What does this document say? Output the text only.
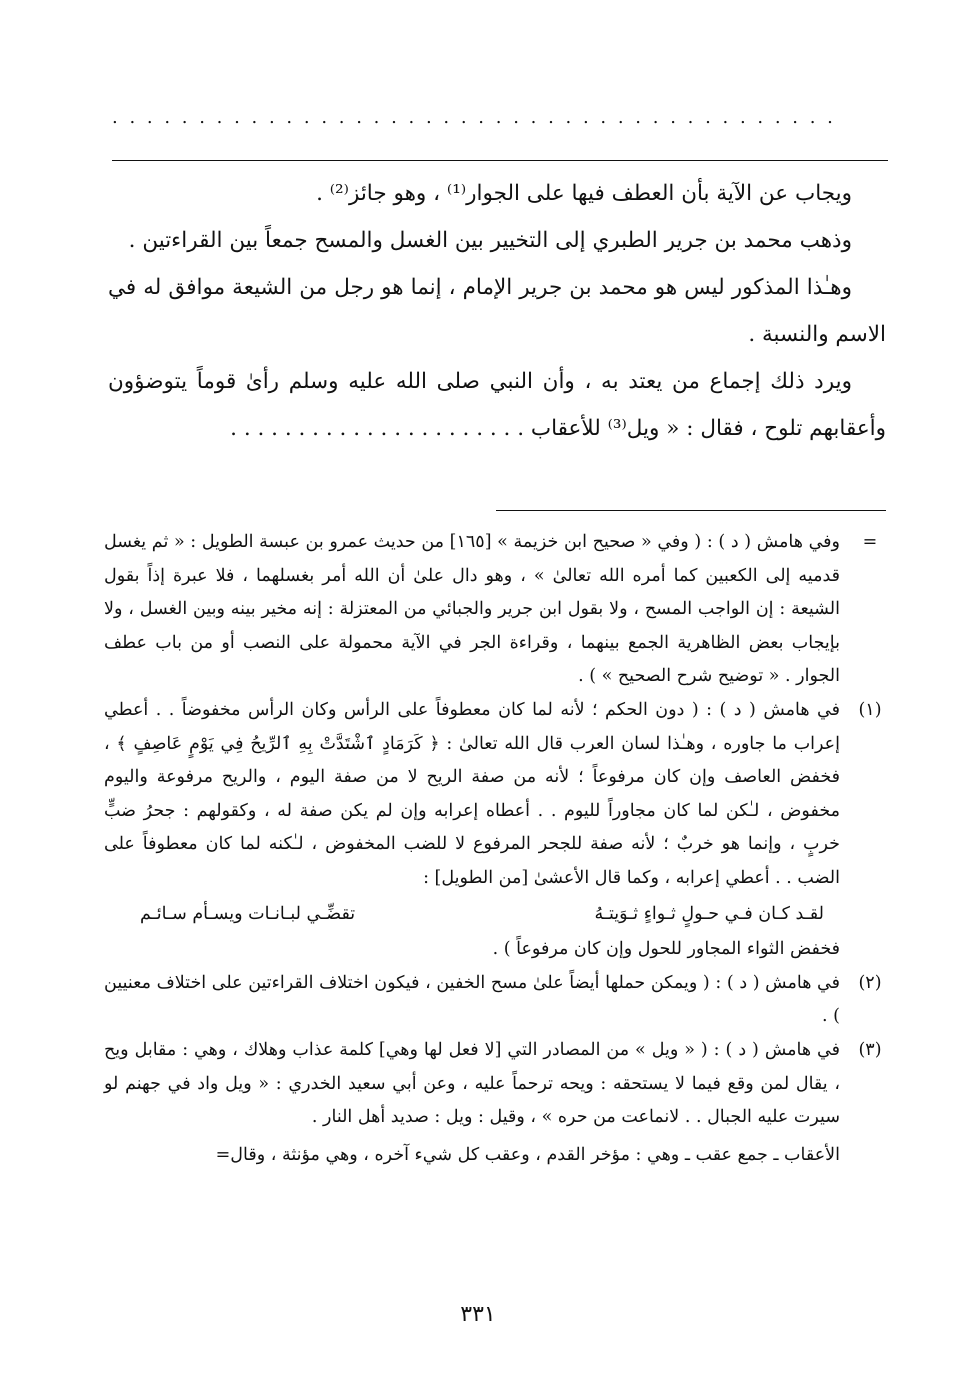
. . . . . . . . . . . . . . . . . . . . . . . . . . . . . . . . . . . . . . . . . .

ويجاب عن الآية بأن العطف فيها على الجوار⁽¹⁾ ، وهو جائز⁽²⁾ .

وذهب محمد بن جرير الطبري إلى التخيير بين الغسل والمسح جمعاً بين القراءتين .

وهـٰذا المذكور ليس هو محمد بن جرير الإمام ، إنما هو رجل من الشيعة موافق له في الاسم والنسبة .

ويرد ذلك إجماع من يعتد به ، وأن النبي صلى الله عليه وسلم رأىٰ قوماً يتوضؤون وأعقابهم تلوح ، فقال : « ويل⁽³⁾ للأعقاب . . . . . . . . . . . . . . . . . . . . . .

=

وفي هامش ( د ) : ( وفي « صحيح ابن خزيمة » [١٦٥] من حديث عمرو بن عبسة الطويل : « ثم يغسل قدميه إلى الكعبين كما أمره الله تعالىٰ » ، وهو دال علىٰ أن الله أمر بغسلهما ، فلا عبرة إذاً بقول الشيعة : إن الواجب المسح ، ولا بقول ابن جرير والجبائي من المعتزلة : إنه مخير بينه وبين الغسل ، ولا بإيجاب بعض الظاهرية الجمع بينهما ، وقراءة الجر في الآية محمولة على النصب أو من باب عطف الجوار . « توضيح شرح الصحيح » ) .

(١)

في هامش ( د ) : ( دون الحكم ؛ لأنه لما كان معطوفاً على الرأس وكان الرأس مخفوضاً . . أعطي إعراب ما جاوره ، وهـٰذا لسان العرب قال الله تعالىٰ : ﴿ كَرَمَادٍ ٱشْتَدَّتْ بِهِ ٱلرِّيحُ فِي يَوْمٍ عَاصِفٍ ﴾ ، فخفض العاصف وإن كان مرفوعاً ؛ لأنه من صفة الريح لا من صفة اليوم ، والريح مرفوعة واليوم مخفوض ، لـٰكن لما كان مجاوراً لليوم . . أعطاه إعرابه وإن لم يكن صفة له ، وكقولهم : جحرُ ضبٍّ خربٍ ، وإنما هو خربٌ ؛ لأنه صفة للجحر المرفوع لا للضب المخفوض ، لـٰكنه لما كان معطوفاً على الضب . . أعطي إعرابه ، وكما قال الأعشىٰ [من الطويل] :

لقـد كـان فـي حـولٍ ثـواءٍ ثـوَيتـهُ
تقضِّـي لبـانـات ويسـأم سـائـم

فخفض الثواء المجاور للحول وإن كان مرفوعاً ) .

(٢)

في هامش ( د ) : ( ويمكن حملها أيضاً علىٰ مسح الخفين ، فيكون اختلاف القراءتين على اختلاف معنيين ) .

(٣)

في هامش ( د ) : ( « ويل » من المصادر التي [لا فعل لها وهي] كلمة عذاب وهلاك ، وهي : مقابل ويح ، يقال لمن وقع فيما لا يستحقه : ويحه ترحماً عليه ، وعن أبي سعيد الخدري : « ويل واد في جهنم لو سيرت عليه الجبال . . لانماعت من حره » ، وقيل : ويل : صديد أهل النار .

الأعقاب ـ جمع عقب ـ وهي : مؤخر القدم ، وعقب كل شيء آخره ، وهي مؤنثة ، وقال=
٣٣١
